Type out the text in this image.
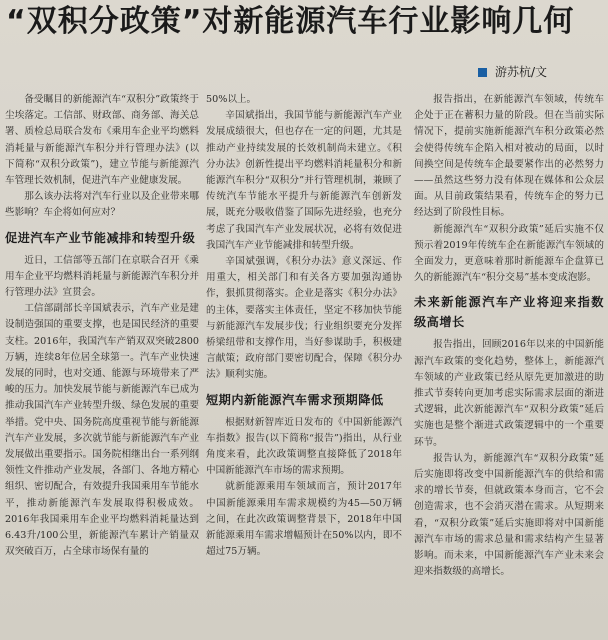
“双积分政策”对新能源汽车行业影响几何
游苏杭/文

备受瞩目的新能源汽车“双积分”政策终于尘埃落定。工信部、财政部、商务部、海关总署、质检总局联合发布《乘用车企业平均燃料消耗量与新能源汽车积分并行管理办法》(以下简称“双积分政策”)，建立节能与新能源汽车管理长效机制，促进汽车产业健康发展。

那么该办法将对汽车行业以及企业带来哪些影响？车企将如何应对？

促进汽车产业节能减排和转型升级

近日，工信部等五部门在京联合召开《乘用车企业平均燃料消耗量与新能源汽车积分并行管理办法》宣贯会。

工信部副部长辛国斌表示，汽车产业是建设制造强国的重要支撑，也是国民经济的重要支柱。2016年，我国汽车产销双双突破2800万辆，连续8年位居全球第一。汽车产业快速发展的同时，也对交通、能源与环境带来了严峻的压力。加快发展节能与新能源汽车已成为推动我国汽车产业转型升级、绿色发展的重要举措。党中央、国务院高度重视节能与新能源汽车产业发展，多次就节能与新能源汽车产业发展做出重要指示。国务院相继出台一系列纲领性文件推动产业发展，各部门、各地方精心组织、密切配合，有效提升我国乘用车节能水平，推动新能源汽车发展取得积极成效。2016年我国乘用车企业平均燃料消耗量达到6.43升/100公里，新能源汽车累计产销量双双突破百万，占全球市场保有量的

50%以上。

辛国斌指出，我国节能与新能源汽车产业发展成绩很大，但也存在一定的问题，尤其是推动产业持续发展的长效机制尚未建立。《积分办法》创新性提出平均燃料消耗量积分和新能源汽车积分“双积分”并行管理机制，兼顾了传统汽车节能水平提升与新能源汽车创新发展，既充分吸收借鉴了国际先进经验，也充分考虑了我国汽车产业发展状况，必将有效促进我国汽车产业节能减排和转型升级。

辛国斌强调，《积分办法》意义深远、作用重大，相关部门和有关各方要加强沟通协作，狠抓贯彻落实。企业是落实《积分办法》的主体，要落实主体责任，坚定不移加快节能与新能源汽车发展步伐；行业组织要充分发挥桥梁纽带和支撑作用，当好参谋助手，积极建言献策；政府部门要密切配合，保障《积分办法》顺利实施。

短期内新能源汽车需求预期降低

根据财新智库近日发布的《中国新能源汽车指数》报告(以下简称“报告”)指出，从行业角度来看，此次政策调整直接降低了2018年中国新能源汽车市场的需求预期。

就新能源乘用车领域而言，预计2017年中国新能源乘用车需求规模约为45—50万辆之间，在此次政策调整背景下，2018年中国新能源乘用车需求增幅预计在50%以内，即不超过75万辆。

报告指出，在新能源汽车领域，传统车企处于正在蓄积力量的阶段。但在当前实际情况下，提前实施新能源汽车积分政策必然会使得传统车企陷入相对被动的局面，以时间换空间是传统车企最要紧作出的必然努力——虽然这些努力没有体现在媒体和公众层面。从目前政策结果看，传统车企的努力已经达到了阶段性目标。

新能源汽车“双积分政策”延后实施不仅预示着2019年传统车企在新能源汽车领域的全面发力，更意味着那时新能源车企盘算已久的新能源汽车“积分交易”基本变成泡影。

未来新能源汽车产业将迎来指数级高增长

报告指出，回顾2016年以来的中国新能源汽车政策的变化趋势，整体上，新能源汽车领域的产业政策已经从原先更加激进的助推式节奏转向更加考虑实际需求层面的渐进式逻辑，此次新能源汽车“双积分政策”延后实施也是整个渐进式政策逻辑中的一个重要环节。

报告认为，新能源汽车“双积分政策”延后实施即将改变中国新能源汽车的供给和需求的增长节奏，但就政策本身而言，它不会创造需求，也不会消灭潜在需求。从短期来看，“双积分政策”延后实施即将对中国新能源汽车市场的需求总量和需求结构产生显著影响。而未来，中国新能源汽车产业未来会迎来指数级的高增长。
